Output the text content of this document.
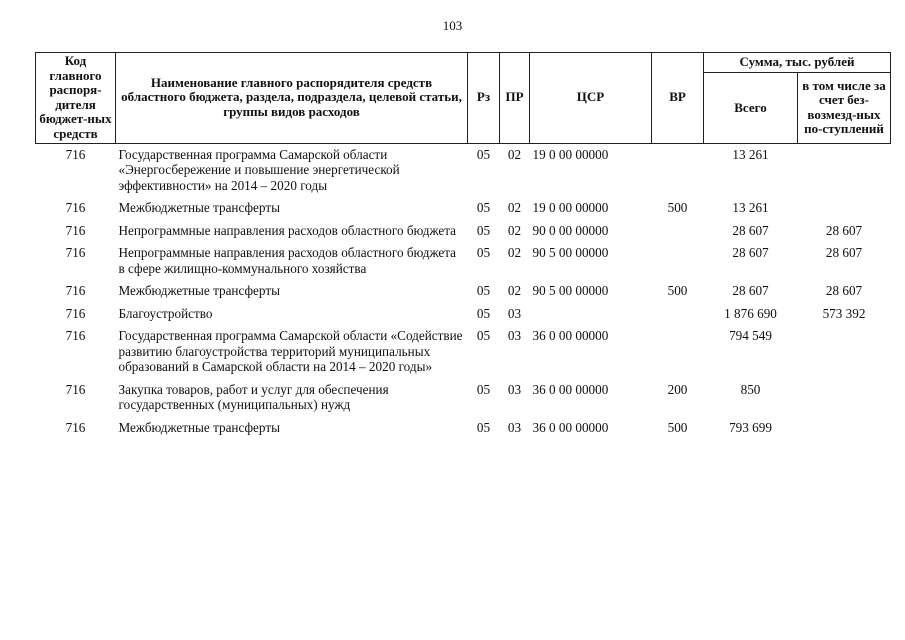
103
Код главного распоря-дителя бюджет-ных средств	Наименование главного распорядителя средств областного бюджета, раздела, подраздела, целевой статьи, группы видов расходов	Рз	ПР	ЦСР	ВР	Сумма, тыс. рублей	
						Всего	в том числе за счет без-возмезд-ных по-ступлений
716	Государственная программа Самарской области «Энергосбережение и повышение энергетической эффективности» на 2014 – 2020 годы	05	02	19 0 00 00000		13 261	
716	Межбюджетные трансферты	05	02	19 0 00 00000	500	13 261	
716	Непрограммные направления расходов областного бюджета	05	02	90 0 00 00000		28 607	28 607
716	Непрограммные направления расходов областного бюджета в сфере жилищно-коммунального хозяйства	05	02	90 5 00 00000		28 607	28 607
716	Межбюджетные трансферты	05	02	90 5 00 00000	500	28 607	28 607
716	Благоустройство	05	03			1 876 690	573 392
716	Государственная программа Самарской области «Содействие развитию благоустройства территорий муниципальных образований в Самарской области на 2014 – 2020 годы»	05	03	36 0 00 00000		794 549	
716	Закупка товаров, работ и услуг для обеспечения государственных (муниципальных) нужд	05	03	36 0 00 00000	200	850	
716	Межбюджетные трансферты	05	03	36 0 00 00000	500	793 699	
